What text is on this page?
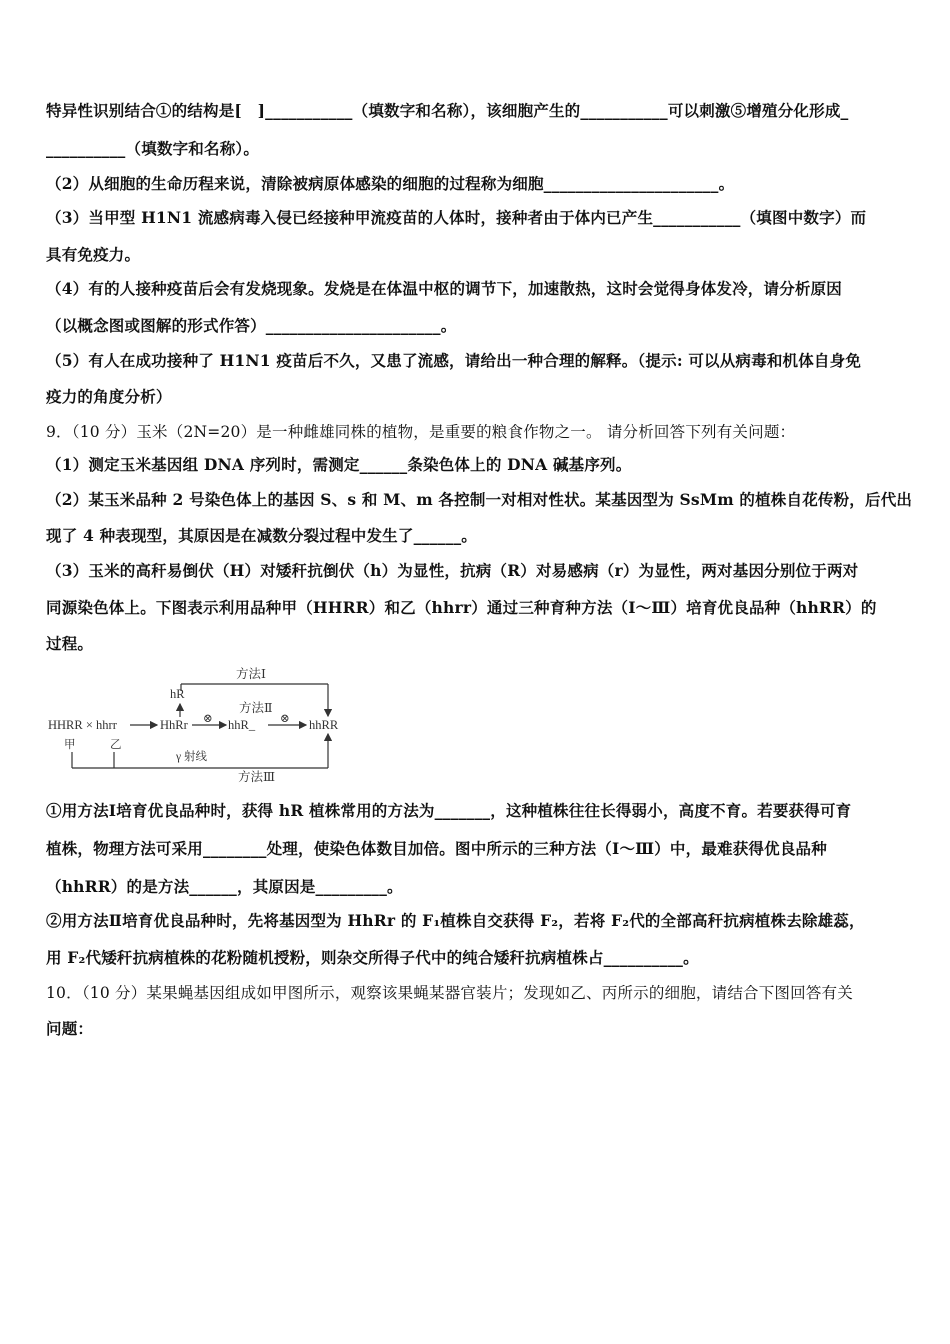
特异性识别结合①的结构是[　]___________（填数字和名称），该细胞产生的___________可以刺激⑤增殖分化形成_
__________（填数字和名称）。
（2）从细胞的生命历程来说，清除被病原体感染的细胞的过程称为细胞______________________。
（3）当甲型 H1N1 流感病毒入侵已经接种甲流疫苗的人体时，接种者由于体内已产生___________（填图中数字）而
具有免疫力。
（4）有的人接种疫苗后会有发烧现象。发烧是在体温中枢的调节下，加速散热，这时会觉得身体发冷，请分析原因
（以概念图或图解的形式作答）______________________。
（5）有人在成功接种了 H1N1 疫苗后不久，又患了流感，请给出一种合理的解释。（提示: 可以从病毒和机体自身免
疫力的角度分析）
9．（10 分）玉米（2N=20）是一种雌雄同株的植物，是重要的粮食作物之一。 请分析回答下列有关问题：
（1）测定玉米基因组 DNA 序列时，需测定______条染色体上的 DNA 碱基序列。
（2）某玉米品种 2 号染色体上的基因 S、s 和 M、m 各控制一对相对性状。某基因型为 SsMm 的植株自花传粉，后代出
现了 4 种表现型，其原因是在减数分裂过程中发生了______。
（3）玉米的高秆易倒伏（H）对矮秆抗倒伏（h）为显性，抗病（R）对易感病（r）为显性，两对基因分别位于两对
同源染色体上。下图表示利用品种甲（HHRR）和乙（hhrr）通过三种育种方法（Ⅰ～Ⅲ）培育优良品种（hhRR）的
过程。
方法Ⅰ
hR
方法Ⅱ
HHRR × hhrr	HhRr ⊗ hhR_ ⊗ hhRR
甲	乙
γ 射线
方法Ⅲ
①用方法Ⅰ培育优良品种时，获得 hR 植株常用的方法为_______，这种植株往往长得弱小，高度不育。若要获得可育
植株，物理方法可采用________处理，使染色体数目加倍。图中所示的三种方法（Ⅰ～Ⅲ）中，最难获得优良品种
（hhRR）的是方法______，其原因是_________。
②用方法Ⅱ培育优良品种时，先将基因型为 HhRr 的 F₁植株自交获得 F₂，若将 F₂代的全部高秆抗病植株去除雄蕊，
用 F₂代矮秆抗病植株的花粉随机授粉，则杂交所得子代中的纯合矮秆抗病植株占__________。
10．（10 分）某果蝇基因组成如甲图所示，观察该果蝇某器官装片；发现如乙、丙所示的细胞，请结合下图回答有关
问题：
